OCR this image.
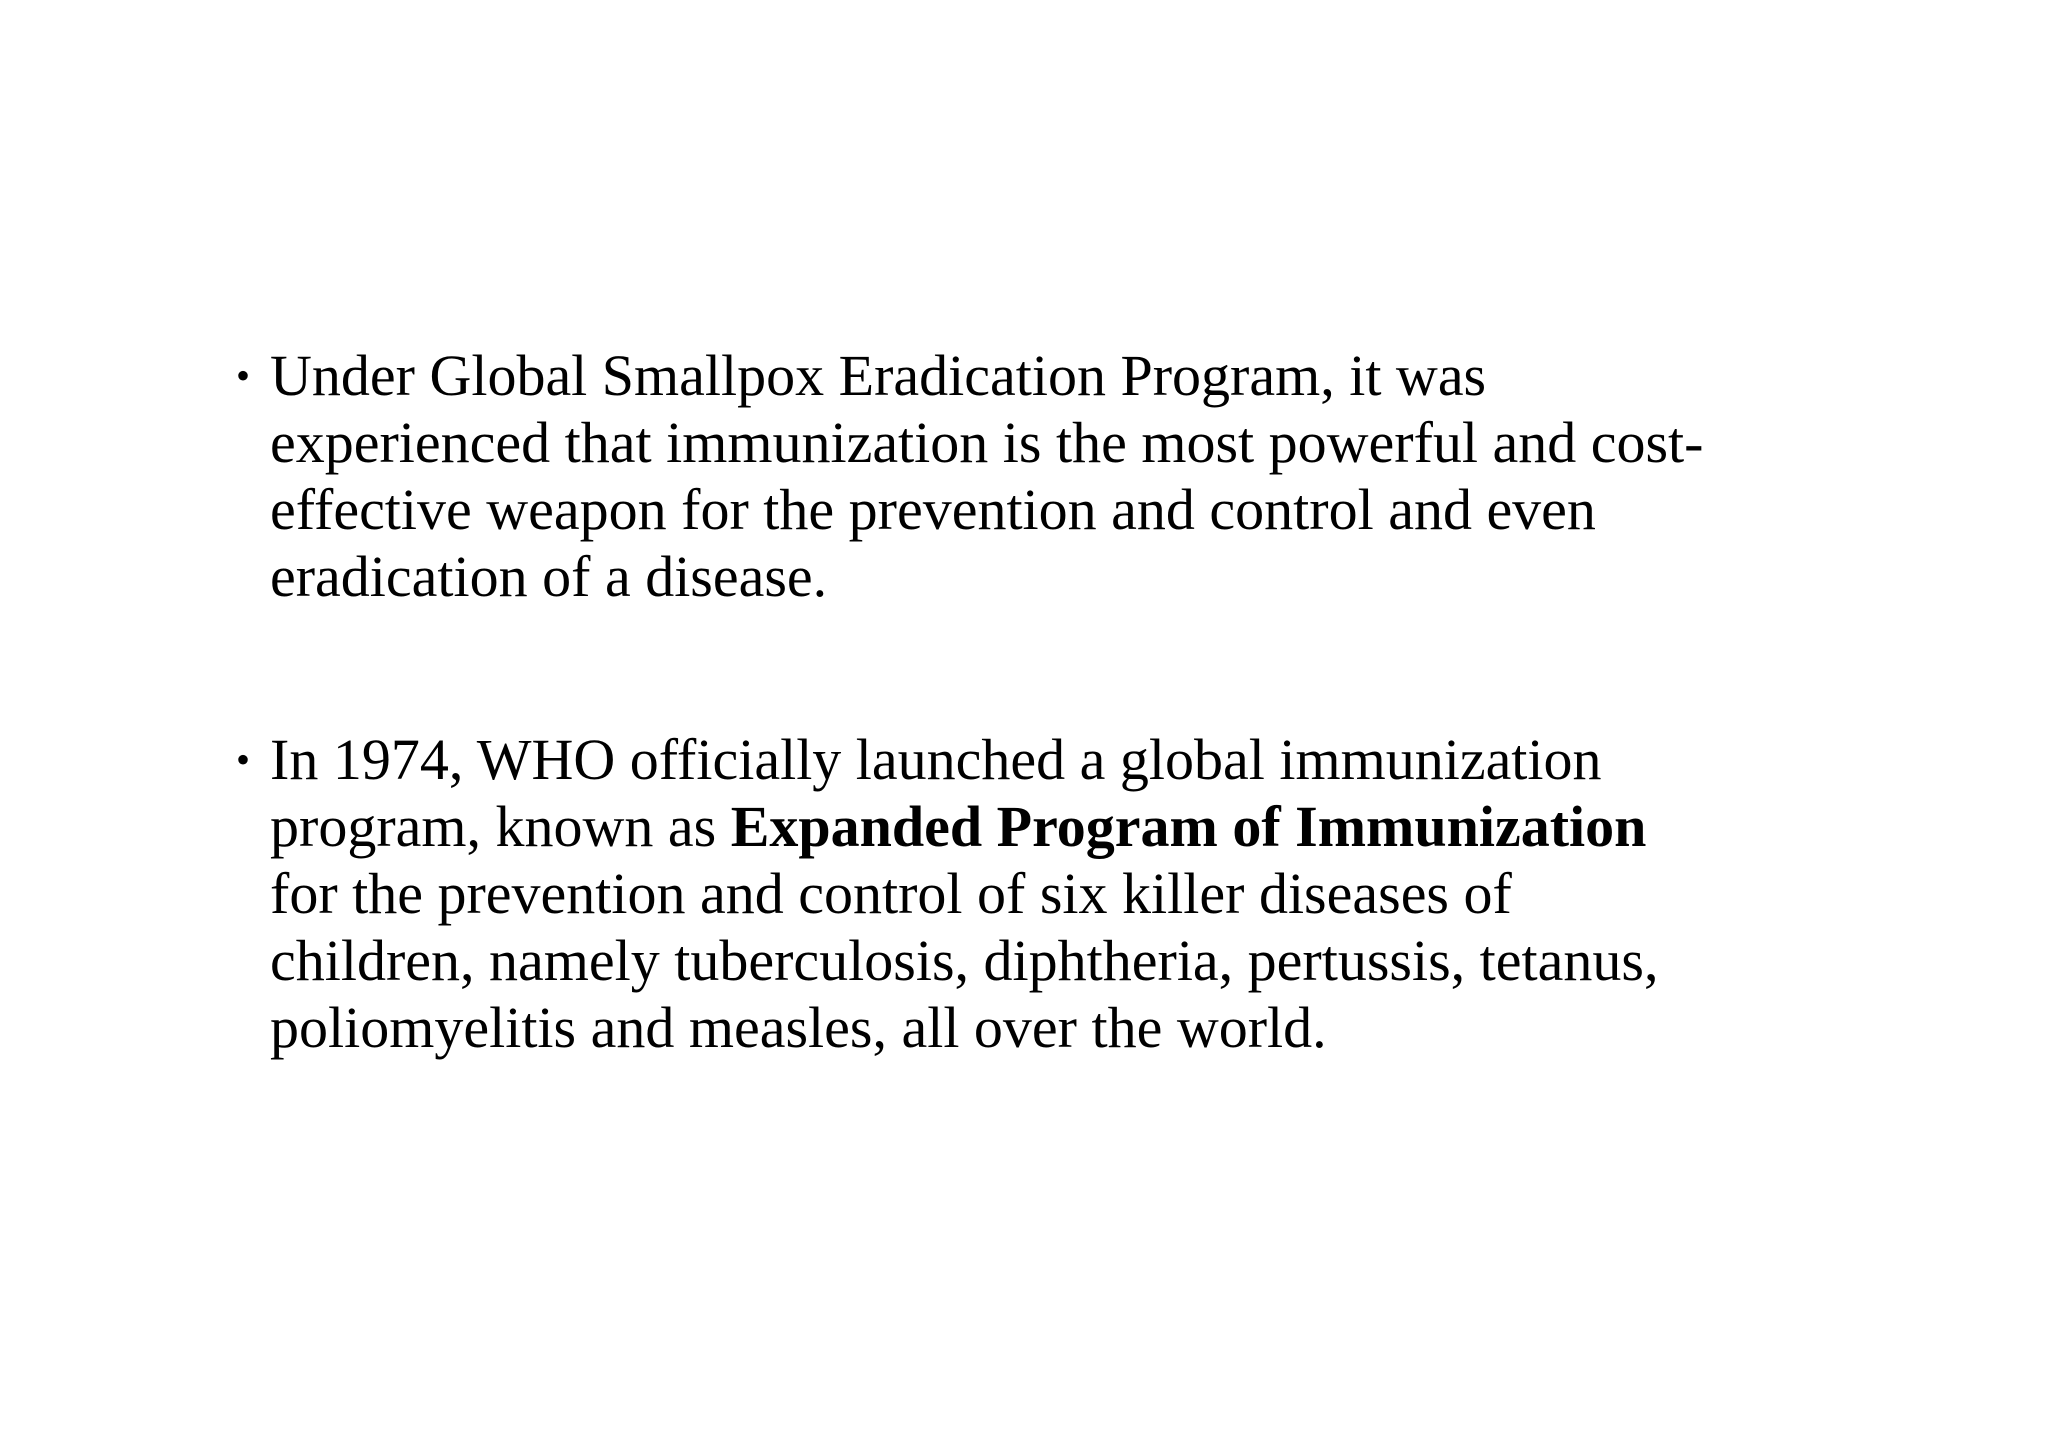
• Under Global Smallpox Eradication Program, it was
experienced that immunization is the most powerful and cost-
effective weapon for the prevention and control and even
eradication of a disease.
• In 1974, WHO officially launched a global immunization
program, known as Expanded Program of Immunization
for the prevention and control of six killer diseases of
children, namely tuberculosis, diphtheria, pertussis, tetanus,
poliomyelitis and measles, all over the world.
